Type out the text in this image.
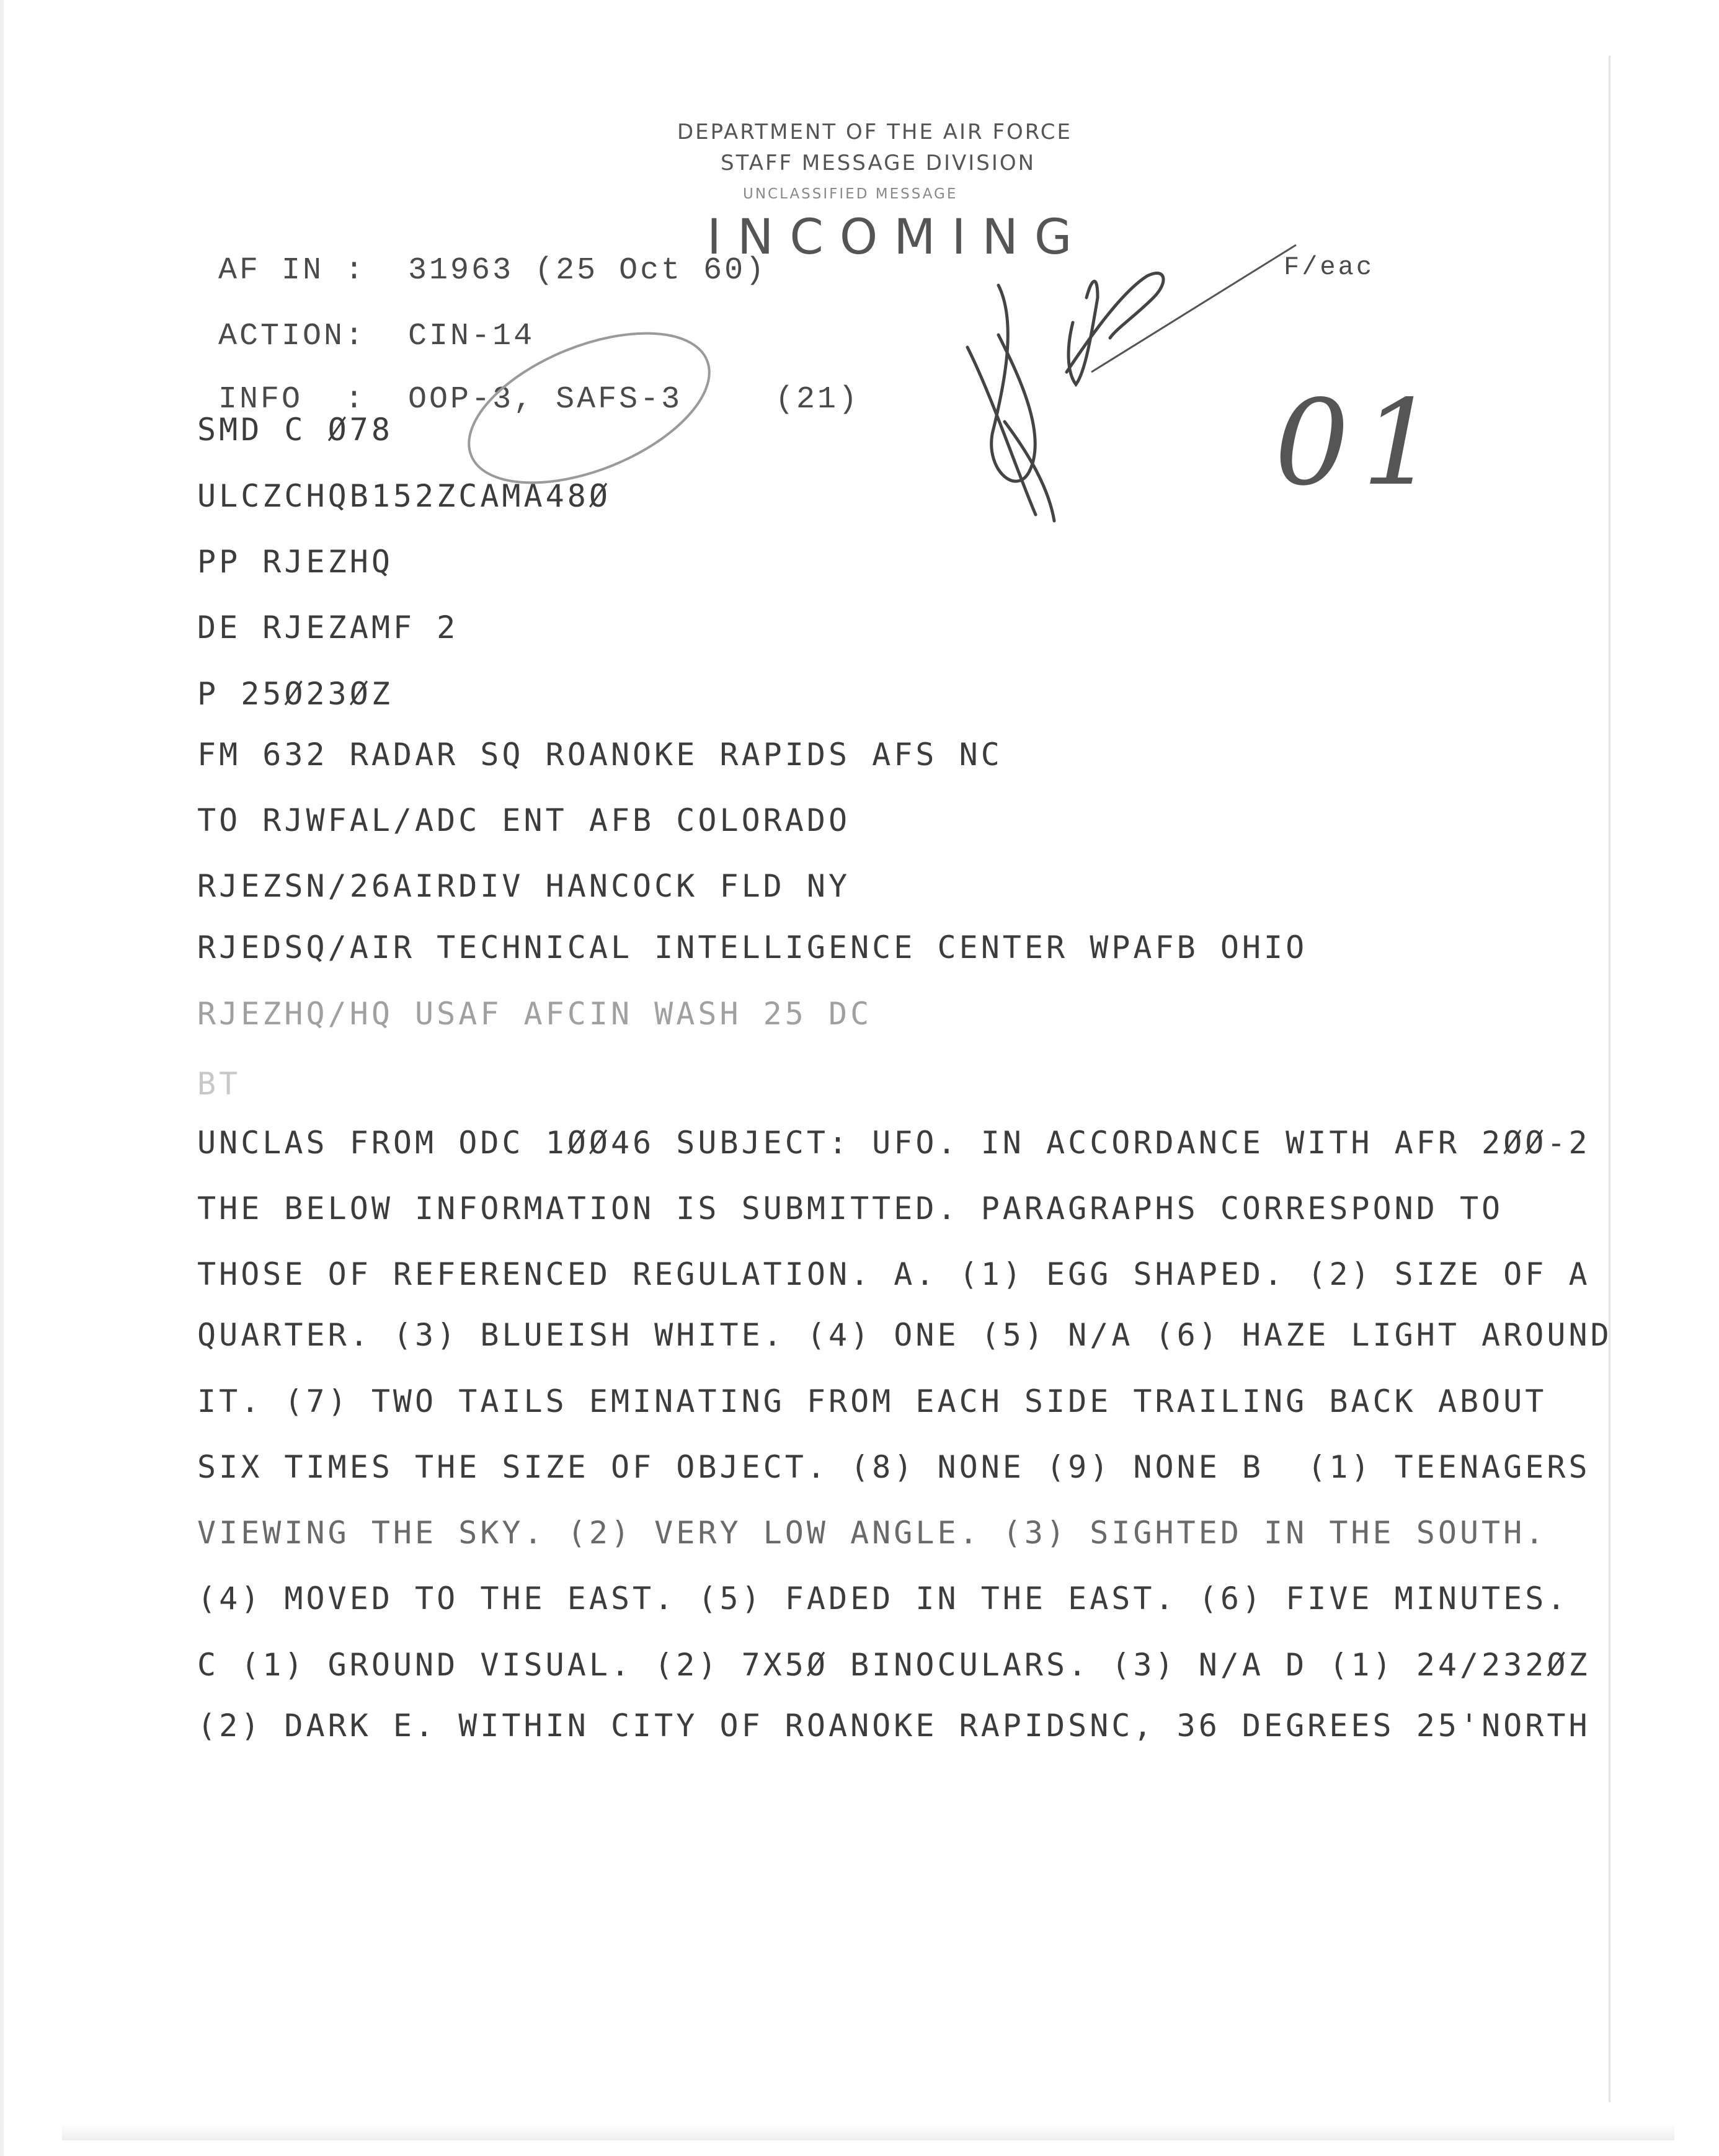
DEPARTMENT OF THE AIR FORCE
STAFF MESSAGE DIVISION
UNCLASSIFIED MESSAGE
INCOMING
AF IN :  31963 (25 Oct 60)
ACTION:  CIN-14
INFO  :  OOP-3, SAFS-3	(21)
F/eac
01
SMD C Ø78
ULCZCHQB152ZCAMA48Ø
PP RJEZHQ
DE RJEZAMF 2
P 25Ø23ØZ
FM 632 RADAR SQ ROANOKE RAPIDS AFS NC
TO RJWFAL/ADC ENT AFB COLORADO
RJEZSN/26AIRDIV HANCOCK FLD NY
RJEDSQ/AIR TECHNICAL INTELLIGENCE CENTER WPAFB OHIO
RJEZHQ/HQ USAF AFCIN WASH 25 DC
BT
UNCLAS FROM ODC 1ØØ46 SUBJECT: UFO. IN ACCORDANCE WITH AFR 2ØØ-2
THE BELOW INFORMATION IS SUBMITTED. PARAGRAPHS CORRESPOND TO
THOSE OF REFERENCED REGULATION. A. (1) EGG SHAPED. (2) SIZE OF A
QUARTER. (3) BLUEISH WHITE. (4) ONE (5) N/A (6) HAZE LIGHT AROUND
IT. (7) TWO TAILS EMINATING FROM EACH SIDE TRAILING BACK ABOUT
SIX TIMES THE SIZE OF OBJECT. (8) NONE (9) NONE B  (1) TEENAGERS
VIEWING THE SKY. (2) VERY LOW ANGLE. (3) SIGHTED IN THE SOUTH.
(4) MOVED TO THE EAST. (5) FADED IN THE EAST. (6) FIVE MINUTES.
C (1) GROUND VISUAL. (2) 7X5Ø BINOCULARS. (3) N/A D (1) 24/232ØZ
(2) DARK E. WITHIN CITY OF ROANOKE RAPIDSNC, 36 DEGREES 25'NORTH
